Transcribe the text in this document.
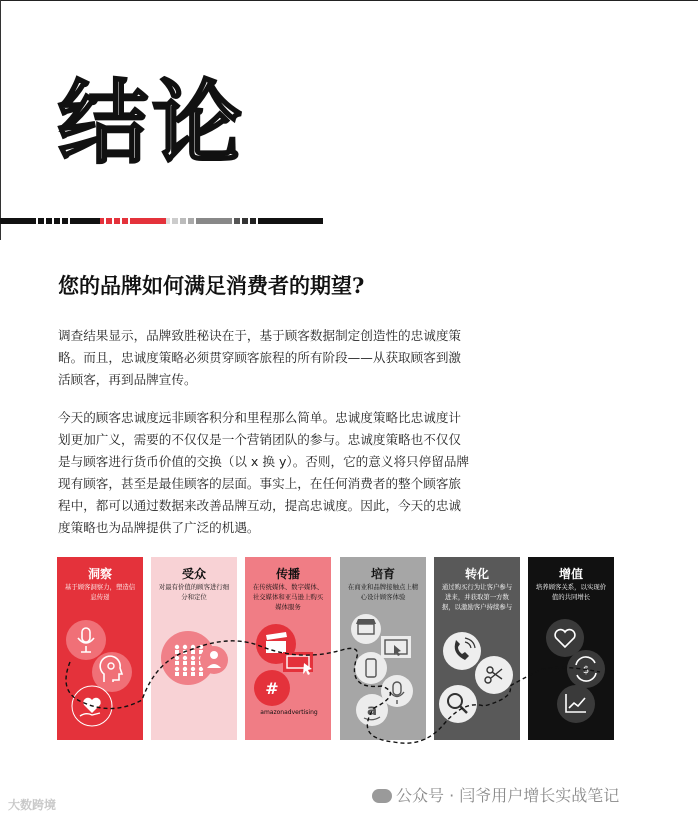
结论
您的品牌如何满足消费者的期望?

调查结果显示，品牌致胜秘诀在于，基于顾客数据制定创造性的忠诚度策略。而且，忠诚度策略必须贯穿顾客旅程的所有阶段——从获取顾客到激活顾客，再到品牌宣传。

今天的顾客忠诚度远非顾客积分和里程那么简单。忠诚度策略比忠诚度计划更加广义，需要的不仅仅是一个营销团队的参与。忠诚度策略也不仅仅是与顾客进行货币价值的交换（以 x 换 y）。否则，它的意义将只停留品牌现有顾客，甚至是最佳顾客的层面。事实上，在任何消费者的整个顾客旅程中，都可以通过数据来改善品牌互动，提高忠诚度。因此，今天的忠诚度策略也为品牌提供了广泛的机遇。

洞察
基于顾客洞察力，塑造信息传递
受众
对最有价值的顾客进行细分和定位
传播
在传统媒体、数字媒体、社交媒体和亚马逊上购买媒体服务
培育
在商业和品牌接触点上精心设计顾客体验
转化
通过购买行为让客户参与进来，并获取第一方数据，以激励客户持续参与
增值
培养顾客关系，以实现价值的共同增长
#
amazonadvertising	a
$
大数跨境	公众号 · 闫爷用户增长实战笔记
